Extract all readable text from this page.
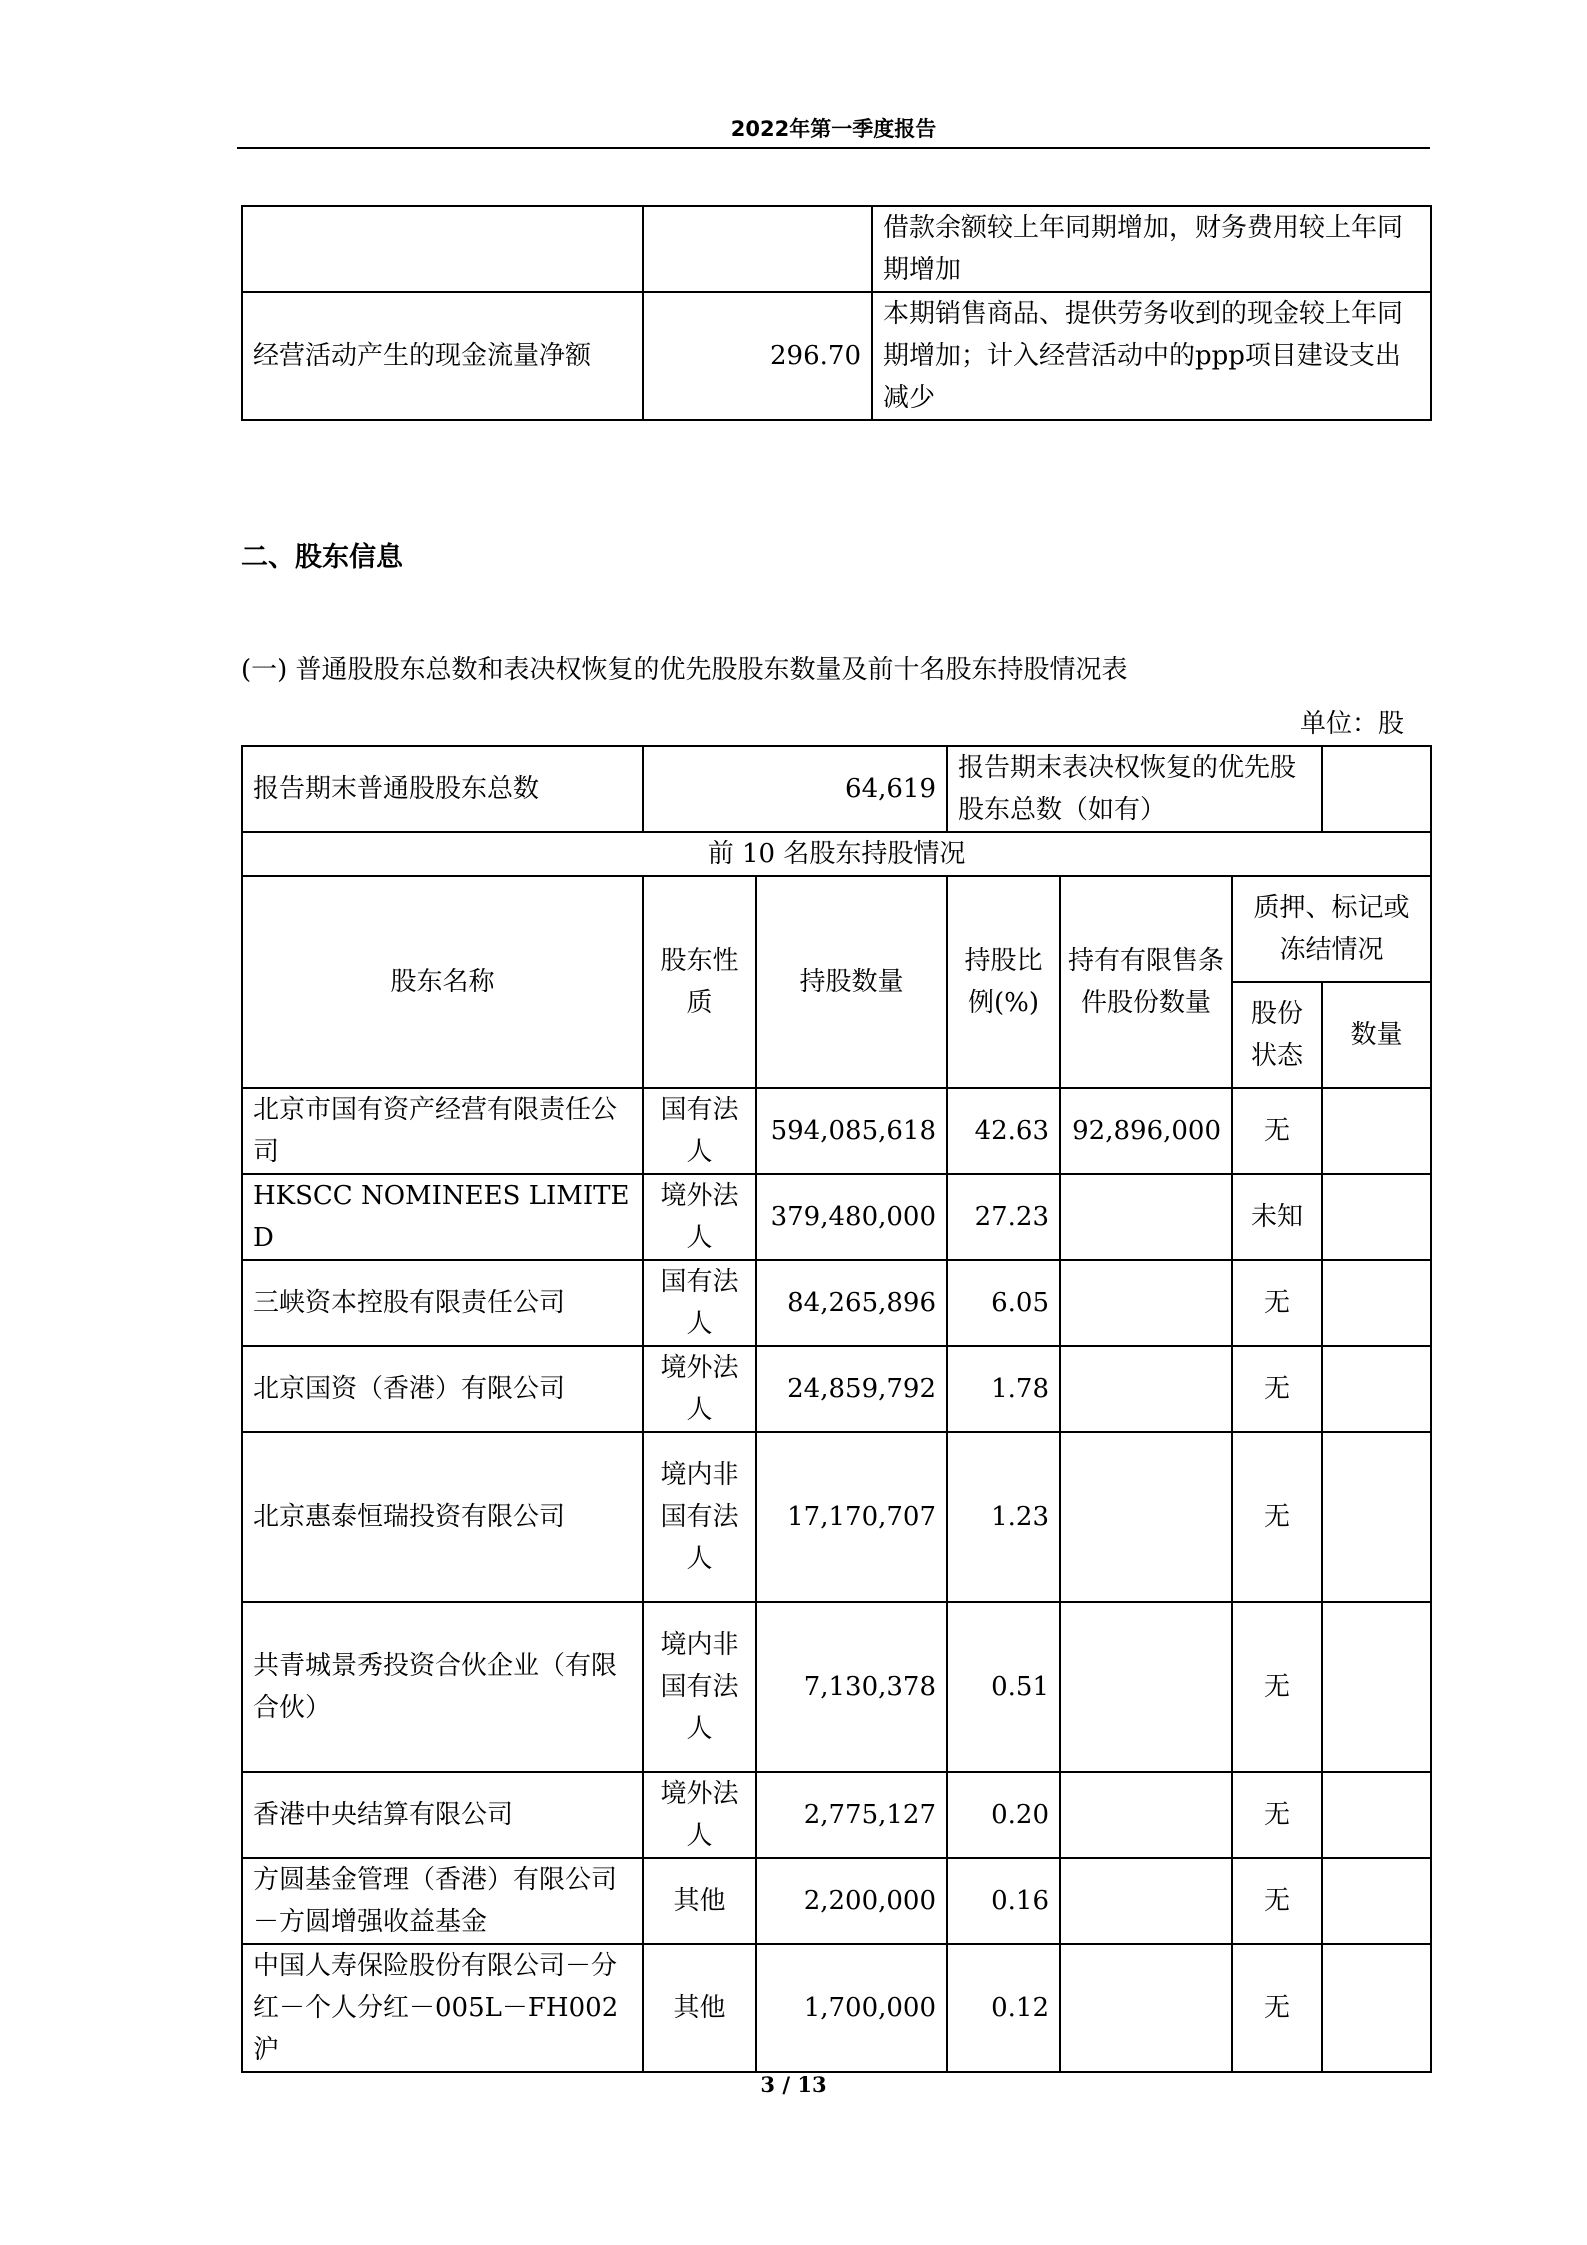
2022年第一季度报告
		借款余额较上年同期增加，财务费用较上年同期增加
经营活动产生的现金流量净额	296.70	本期销售商品、提供劳务收到的现金较上年同期增加；计入经营活动中的ppp项目建设支出减少
二、股东信息
(一) 普通股股东总数和表决权恢复的优先股股东数量及前十名股东持股情况表
单位：股
报告期末普通股股东总数	64,619		报告期末表决权恢复的优先股股东总数（如有）			
前 10 名股东持股情况						
股东名称	股东性质	持股数量	持股比例(%)	持有有限售条件股份数量	质押、标记或冻结情况	
					股份状态	数量
北京市国有资产经营有限责任公司	国有法人	594,085,618	42.63	92,896,000	无	
HKSCC NOMINEES LIMITED	境外法人	379,480,000	27.23		未知	
三峡资本控股有限责任公司	国有法人	84,265,896	6.05		无	
北京国资（香港）有限公司	境外法人	24,859,792	1.78		无	
北京惠泰恒瑞投资有限公司	境内非国有法人	17,170,707	1.23		无	
共青城景秀投资合伙企业（有限合伙）	境内非国有法人	7,130,378	0.51		无	
香港中央结算有限公司	境外法人	2,775,127	0.20		无	
方圆基金管理（香港）有限公司－方圆增强收益基金	其他	2,200,000	0.16		无	
中国人寿保险股份有限公司－分红－个人分红－005L－FH002沪	其他	1,700,000	0.12		无	
3 / 13
